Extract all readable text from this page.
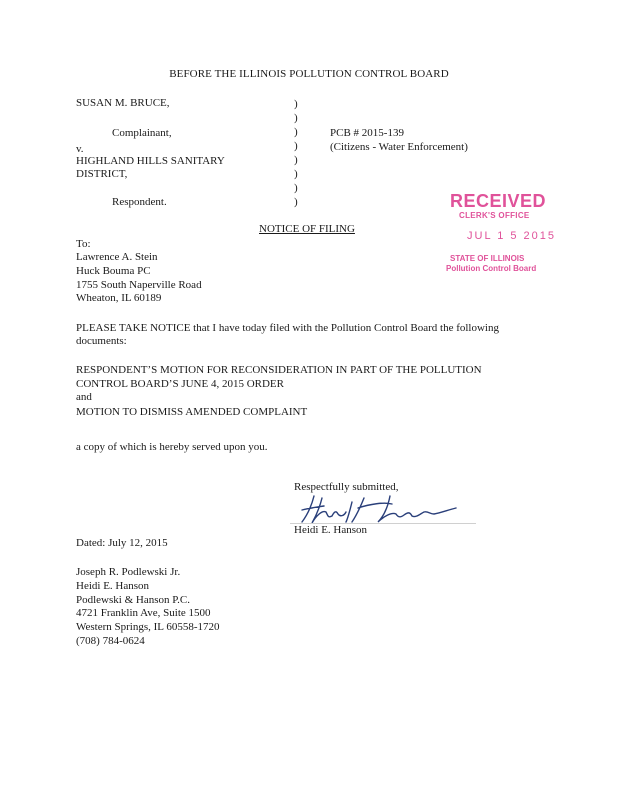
BEFORE THE ILLINOIS POLLUTION CONTROL BOARD
SUSAN M. BRUCE,
Complainant,
v.
HIGHLAND HILLS SANITARY
DISTRICT,
Respondent.
)
)
)
)
)
)
)
)
PCB # 2015-139
(Citizens - Water Enforcement)
RECEIVED
CLERK'S OFFICE
JUL 1 5 2015
STATE OF ILLINOIS
Pollution Control Board
NOTICE OF FILING
To:
Lawrence A. Stein
Huck Bouma PC
1755 South Naperville Road
Wheaton, IL 60189
PLEASE TAKE NOTICE that I have today filed with the Pollution Control Board the following
documents:
RESPONDENT’S MOTION FOR RECONSIDERATION IN PART OF THE POLLUTION
CONTROL BOARD’S JUNE 4, 2015 ORDER
and
MOTION TO DISMISS AMENDED COMPLAINT
a copy of which is hereby served upon you.
Respectfully submitted,
Heidi E. Hanson
Dated: July 12, 2015
Joseph R. Podlewski Jr.
Heidi E. Hanson
Podlewski & Hanson P.C.
4721 Franklin Ave, Suite 1500
Western Springs, IL 60558-1720
(708) 784-0624
